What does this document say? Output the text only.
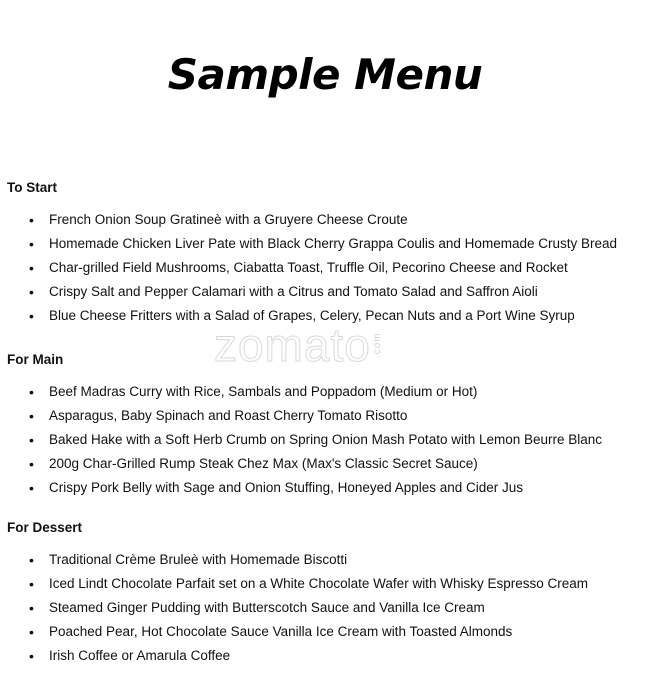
Sample Menu
zomato.com
To Start
• French Onion Soup Gratineè with a Gruyere Cheese Croute
• Homemade Chicken Liver Pate with Black Cherry Grappa Coulis and Homemade Crusty Bread
• Char-grilled Field Mushrooms, Ciabatta Toast, Truffle Oil, Pecorino Cheese and Rocket
• Crispy Salt and Pepper Calamari with a Citrus and Tomato Salad and Saffron Aioli
• Blue Cheese Fritters with a Salad of Grapes, Celery, Pecan Nuts and a Port Wine Syrup
For Main
• Beef Madras Curry with Rice, Sambals and Poppadom (Medium or Hot)
• Asparagus, Baby Spinach and Roast Cherry Tomato Risotto
• Baked Hake with a Soft Herb Crumb on Spring Onion Mash Potato with Lemon Beurre Blanc
• 200g Char-Grilled Rump Steak Chez Max (Max's Classic Secret Sauce)
• Crispy Pork Belly with Sage and Onion Stuffing, Honeyed Apples and Cider Jus
For Dessert
• Traditional Crème Bruleè with Homemade Biscotti
• Iced Lindt Chocolate Parfait set on a White Chocolate Wafer with Whisky Espresso Cream
• Steamed Ginger Pudding with Butterscotch Sauce and Vanilla Ice Cream
• Poached Pear, Hot Chocolate Sauce Vanilla Ice Cream with Toasted Almonds
• Irish Coffee or Amarula Coffee
